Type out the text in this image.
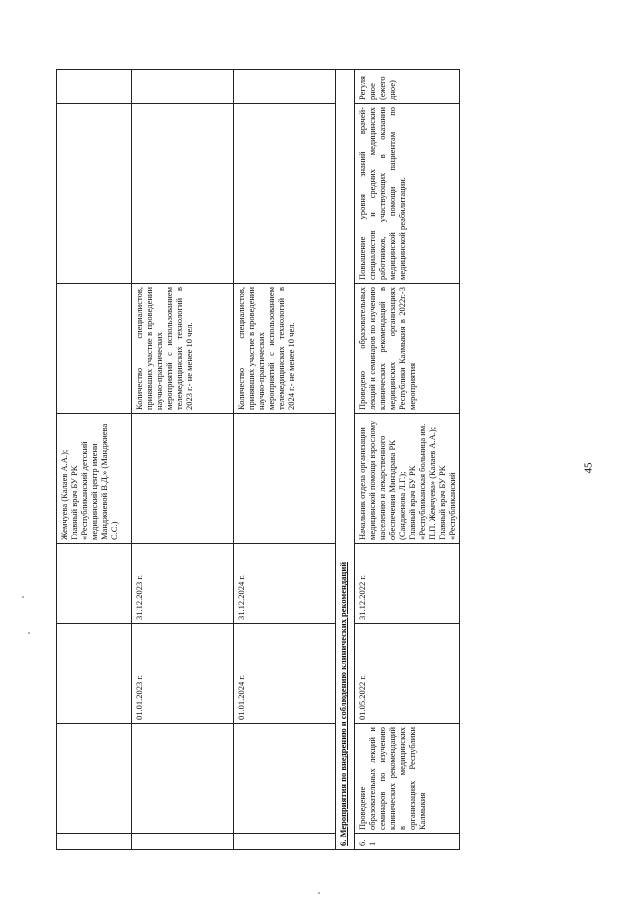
				Жемчуева (Калаев А.А.);
Главный врач БУ РК «Республиканский детский медицинский центр имени Манджиевой В.Д.» (Манджиева С.С.)			
		01.01.2023 г.	31.12.2023 г.		Количество специалистов, принявших участие в проведении научно-практических мероприятий с использованием телемедицинских технологий в 2023 г.- не менее 10 чел.		
		01.01.2024 г.	31.12.2024 г.		Количество специалистов, принявших участие в проведении научно-практических мероприятий с использованием телемедицинских технологий в 2024 г.- не менее 10 чел.		
6. Мероприятия по внедрению и соблюдению клинических рекомендаций							
6.1	Проведение образовательных лекций и семинаров по изучению клинических рекомендаций в медицинских организациях Республики Калмыкия	01.05.2022 г.	31.12.2022 г.	Начальник отдела организации медицинской помощи взрослому населению и лекарственного обеспечения Минздрава РК (Сандженова Л.Г.);
Главный врач БУ РК «Республиканская больница им. П.П. Жемчуева» (Калаев А.А.);
Главный врач БУ РК «Республиканский	Проведено образовательных лекций и семинаров по изучению клинических рекомендаций в медицинских организациях Республики Калмыкия в 2022г.-3 мероприятия	Повышение уровня знаний врачей-специалистов и средних медицинских работников, участвующих в оказании медицинской помощи пациентам по медицинской реабилитации.	Регулярное (ежегодное)
45
